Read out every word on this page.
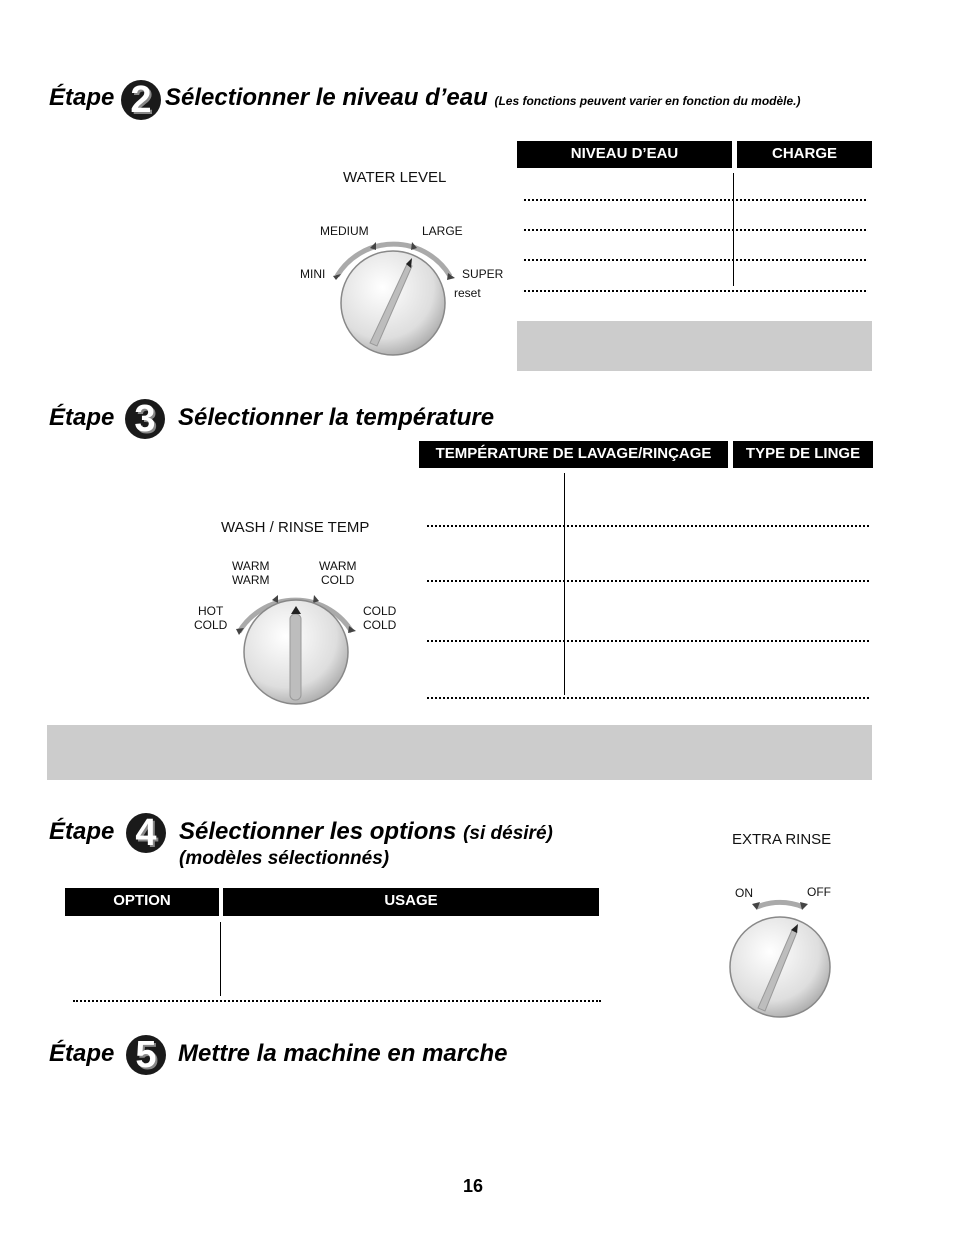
Étape 2 Sélectionner le niveau d’eau (Les fonctions peuvent varier en fonction du modèle.)
NIVEAU D’EAU	CHARGE
WATER LEVEL
MEDIUM	LARGE
MINI	SUPER
reset
Étape 3 Sélectionner la température
TEMPÉRATURE DE LAVAGE/RINÇAGE	TYPE DE LINGE
WASH / RINSE TEMP
WARM
WARM
WARM
COLD
HOT
COLD
COLD
COLD
Étape 4 Sélectionner les options (si désiré)
(modèles sélectionnés)
OPTION	USAGE
EXTRA RINSE
ON	OFF
Étape 5 Mettre la machine en marche
16
